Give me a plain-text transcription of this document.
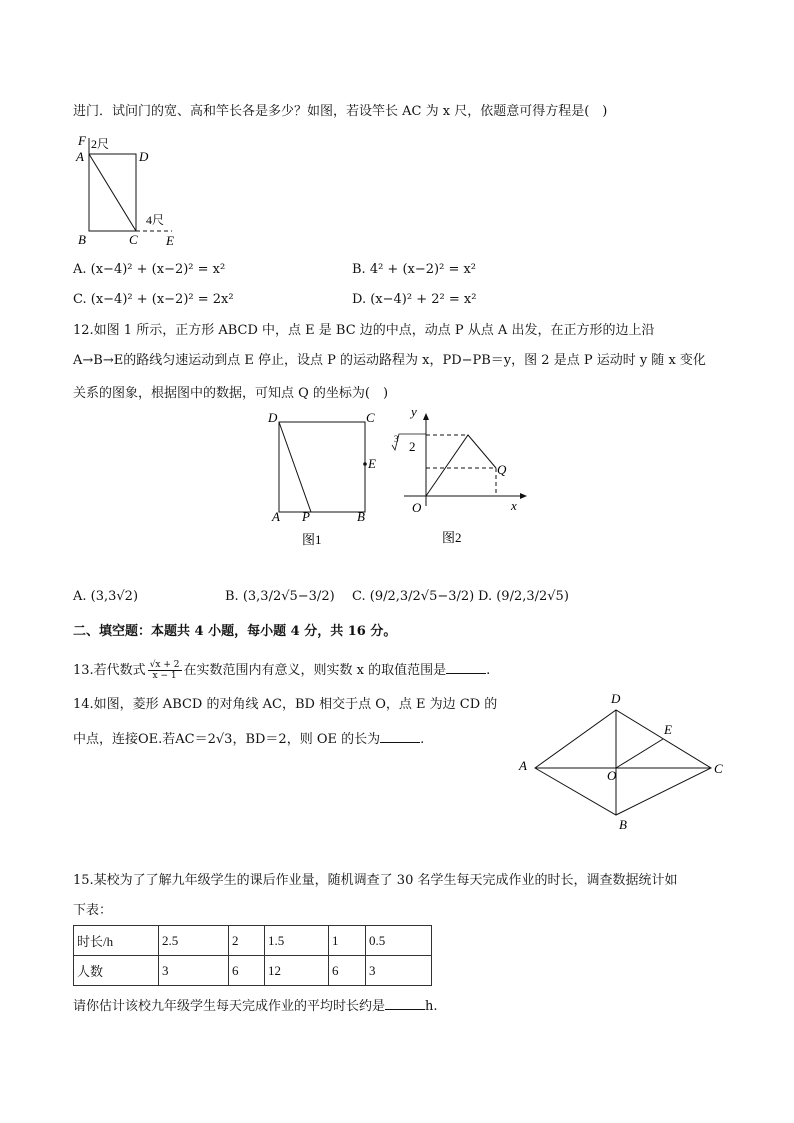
进门．试问门的宽、高和竿长各是多少？如图，若设竿长 AC 为 x 尺，依题意可得方程是(　)
F 2尺
A	D
4尺
B	C E
A. (x−4)² + (x−2)² = x²	B. 4² + (x−2)² = x²
C. (x−4)² + (x−2)² = 2x²	D. (x−4)² + 2² = x²
12.如图 1 所示，正方形 ABCD 中，点 E 是 BC 边的中点，动点 P 从点 A 出发，在正方形的边上沿
A→B→E的路线匀速运动到点 E 停止，设点 P 的运动路程为 x，PD−PB＝y，图 2 是点 P 运动时 y 随 x 变化
关系的图象，根据图中的数据，可知点 Q 的坐标为(　)
D	C
E
A P	B
图1
y
3 2
Q
O	x
图2
A. (3,3√2)	B. (3,3/2√5−3/2) C. (9/2,3/2√5−3/2) D. (9/2,3/2√5)
二、填空题：本题共 4 小题，每小题 4 分，共 16 分。
13.若代数式 $\frac{√x + 2}{x - 1}$ 在实数范围内有意义，则实数 x 的取值范围是	.
14.如图，菱形 ABCD 的对角线 AC，BD 相交于点 O，点 E 为边 CD 的
中点，连接OE.若AC＝2√3，BD＝2，则 OE 的长为	.
D
E
A	C
O
B
15.某校为了了解九年级学生的课后作业量，随机调查了 30 名学生每天完成作业的时长，调查数据统计如
下表：
时长/h	2.5	2	1.5	1	0.5
人数	3	6	12	6	3
请你估计该校九年级学生每天完成作业的平均时长约是	h.
